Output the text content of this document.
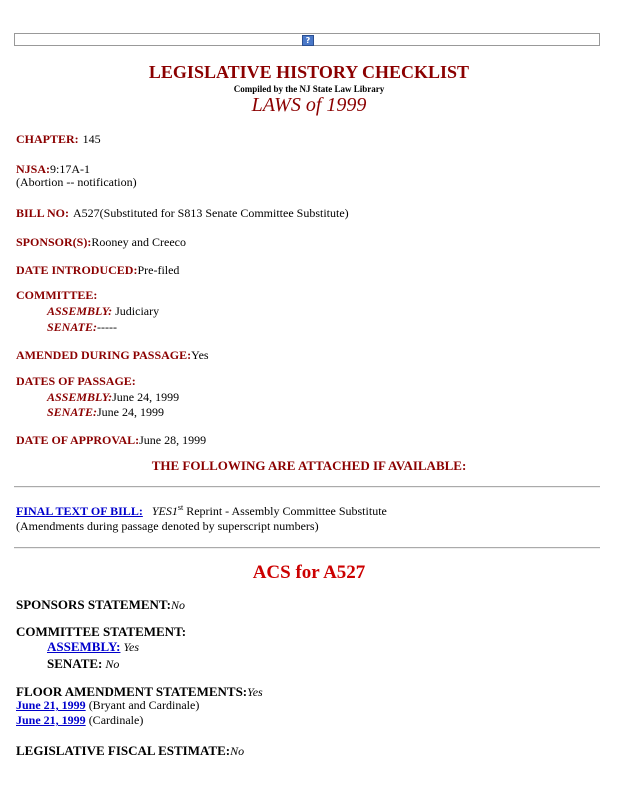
?
LEGISLATIVE HISTORY CHECKLIST
Compiled by the NJ State Law Library
LAWS of 1999
CHAPTER: 145
NJSA:9:17A-1
(Abortion -- notification)
BILL NO: A527(Substituted for S813 Senate Committee Substitute)
SPONSOR(S):Rooney and Creeco
DATE INTRODUCED:Pre-filed
COMMITTEE:
ASSEMBLY: Judiciary
SENATE:-----
AMENDED DURING PASSAGE:Yes
DATES OF PASSAGE:
ASSEMBLY:June 24, 1999
SENATE:June 24, 1999
DATE OF APPROVAL:June 28, 1999
THE FOLLOWING ARE ATTACHED IF AVAILABLE:
FINAL TEXT OF BILL: YES1st Reprint - Assembly Committee Substitute
(Amendments during passage denoted by superscript numbers)
ACS for A527
SPONSORS STATEMENT:No
COMMITTEE STATEMENT:
ASSEMBLY: Yes
SENATE: No
FLOOR AMENDMENT STATEMENTS:Yes
June 21, 1999 (Bryant and Cardinale)
June 21, 1999 (Cardinale)
LEGISLATIVE FISCAL ESTIMATE:No
